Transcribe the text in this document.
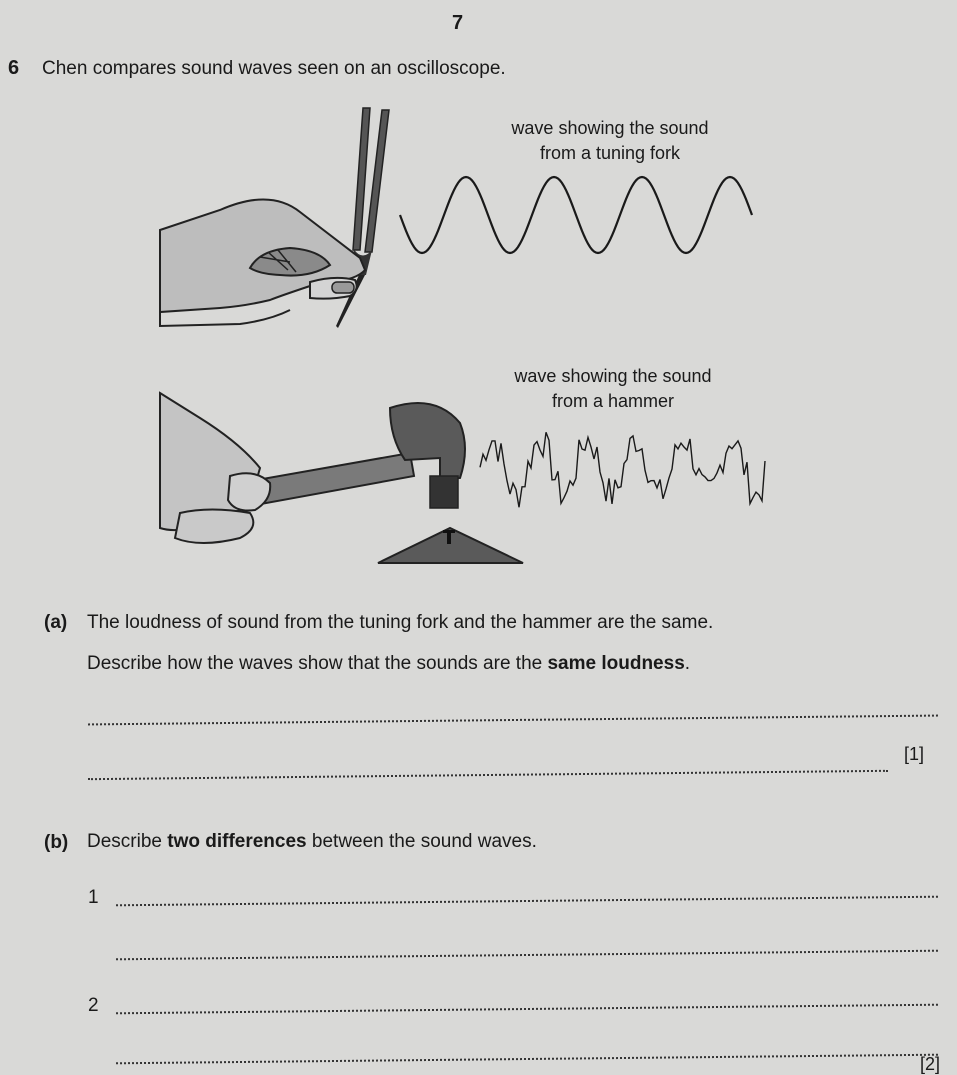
7
6 Chen compares sound waves seen on an oscilloscope.
wave showing the sound
from a tuning fork
wave showing the sound
from a hammer
(a) The loudness of sound from the tuning fork and the hammer are the same.
Describe how the waves show that the sounds are the same loudness.
[1]
(b) Describe two differences between the sound waves.
1
2
[2]
